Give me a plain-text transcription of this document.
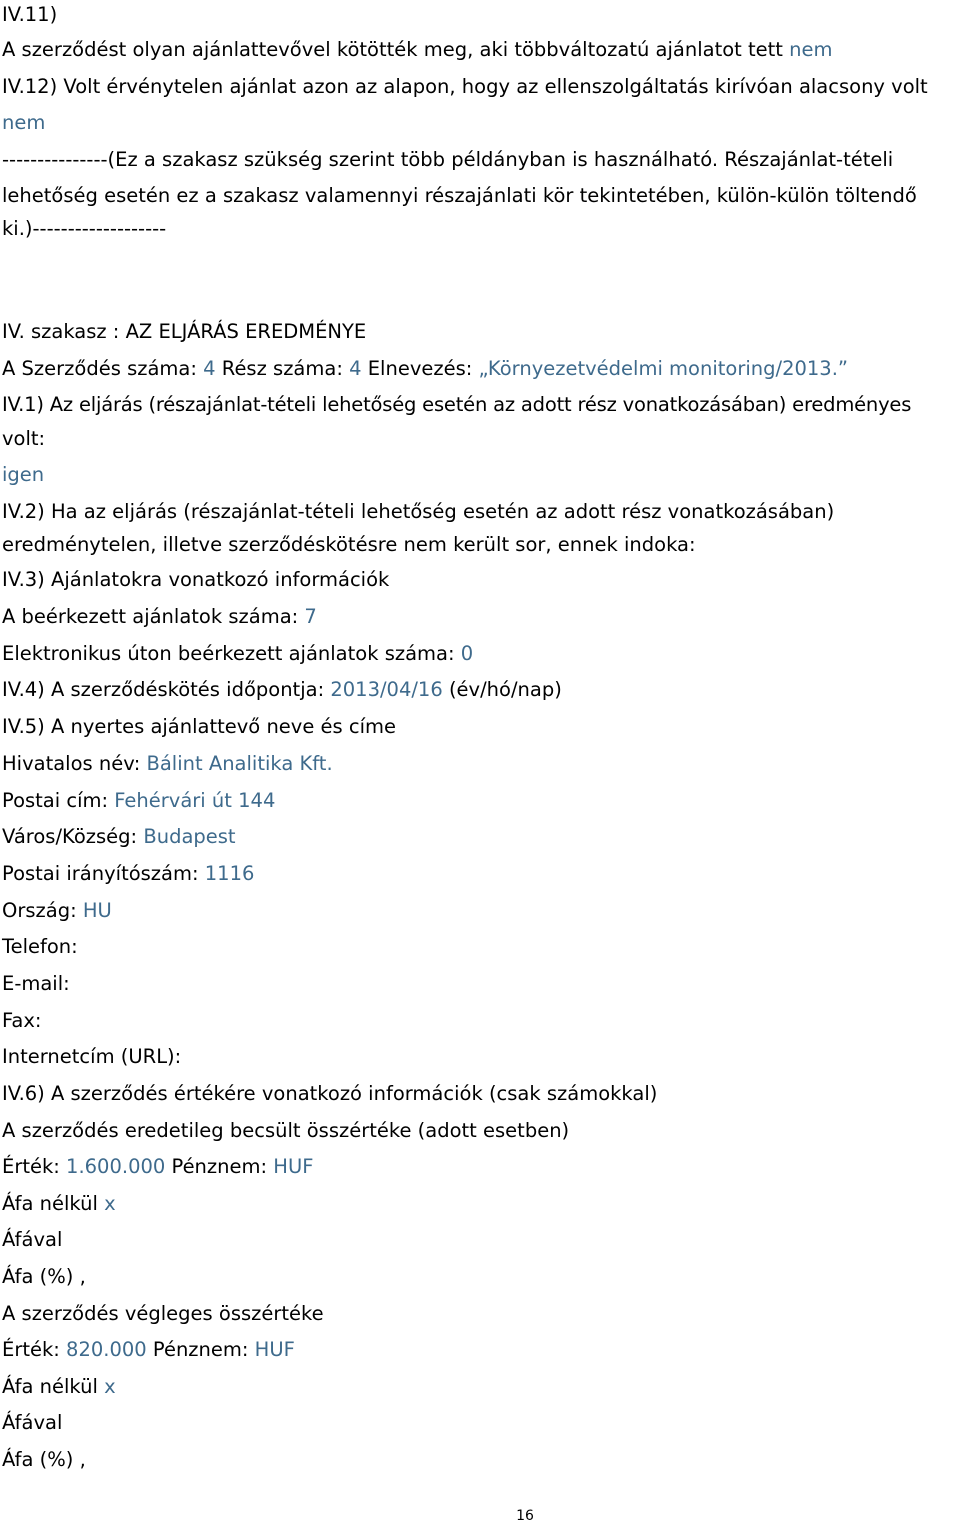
IV.11)
A szerződést olyan ajánlattevővel kötötték meg, aki többváltozatú ajánlatot tett nem
IV.12) Volt érvénytelen ajánlat azon az alapon, hogy az ellenszolgáltatás kirívóan alacsony volt
nem
---------------(Ez a szakasz szükség szerint több példányban is használható. Részajánlat-tételi
lehetőség esetén ez a szakasz valamennyi részajánlati kör tekintetében, külön-külön töltendő
ki.)-------------------
IV. szakasz : AZ ELJÁRÁS EREDMÉNYE
A Szerződés száma: 4 Rész száma: 4 Elnevezés: „Környezetvédelmi monitoring/2013.”
IV.1) Az eljárás (részajánlat-tételi lehetőség esetén az adott rész vonatkozásában) eredményes
volt:
igen
IV.2) Ha az eljárás (részajánlat-tételi lehetőség esetén az adott rész vonatkozásában)
eredménytelen, illetve szerződéskötésre nem került sor, ennek indoka:
IV.3) Ajánlatokra vonatkozó információk
A beérkezett ajánlatok száma: 7
Elektronikus úton beérkezett ajánlatok száma: 0
IV.4) A szerződéskötés időpontja: 2013/04/16 (év/hó/nap)
IV.5) A nyertes ajánlattevő neve és címe
Hivatalos név: Bálint Analitika Kft.
Postai cím: Fehérvári út 144
Város/Község: Budapest
Postai irányítószám: 1116
Ország: HU
Telefon:
E-mail:
Fax:
Internetcím (URL):
IV.6) A szerződés értékére vonatkozó információk (csak számokkal)
A szerződés eredetileg becsült összértéke (adott esetben)
Érték: 1.600.000 Pénznem: HUF
Áfa nélkül x
Áfával
Áfa (%) ,
A szerződés végleges összértéke
Érték: 820.000 Pénznem: HUF
Áfa nélkül x
Áfával
Áfa (%) ,
16
